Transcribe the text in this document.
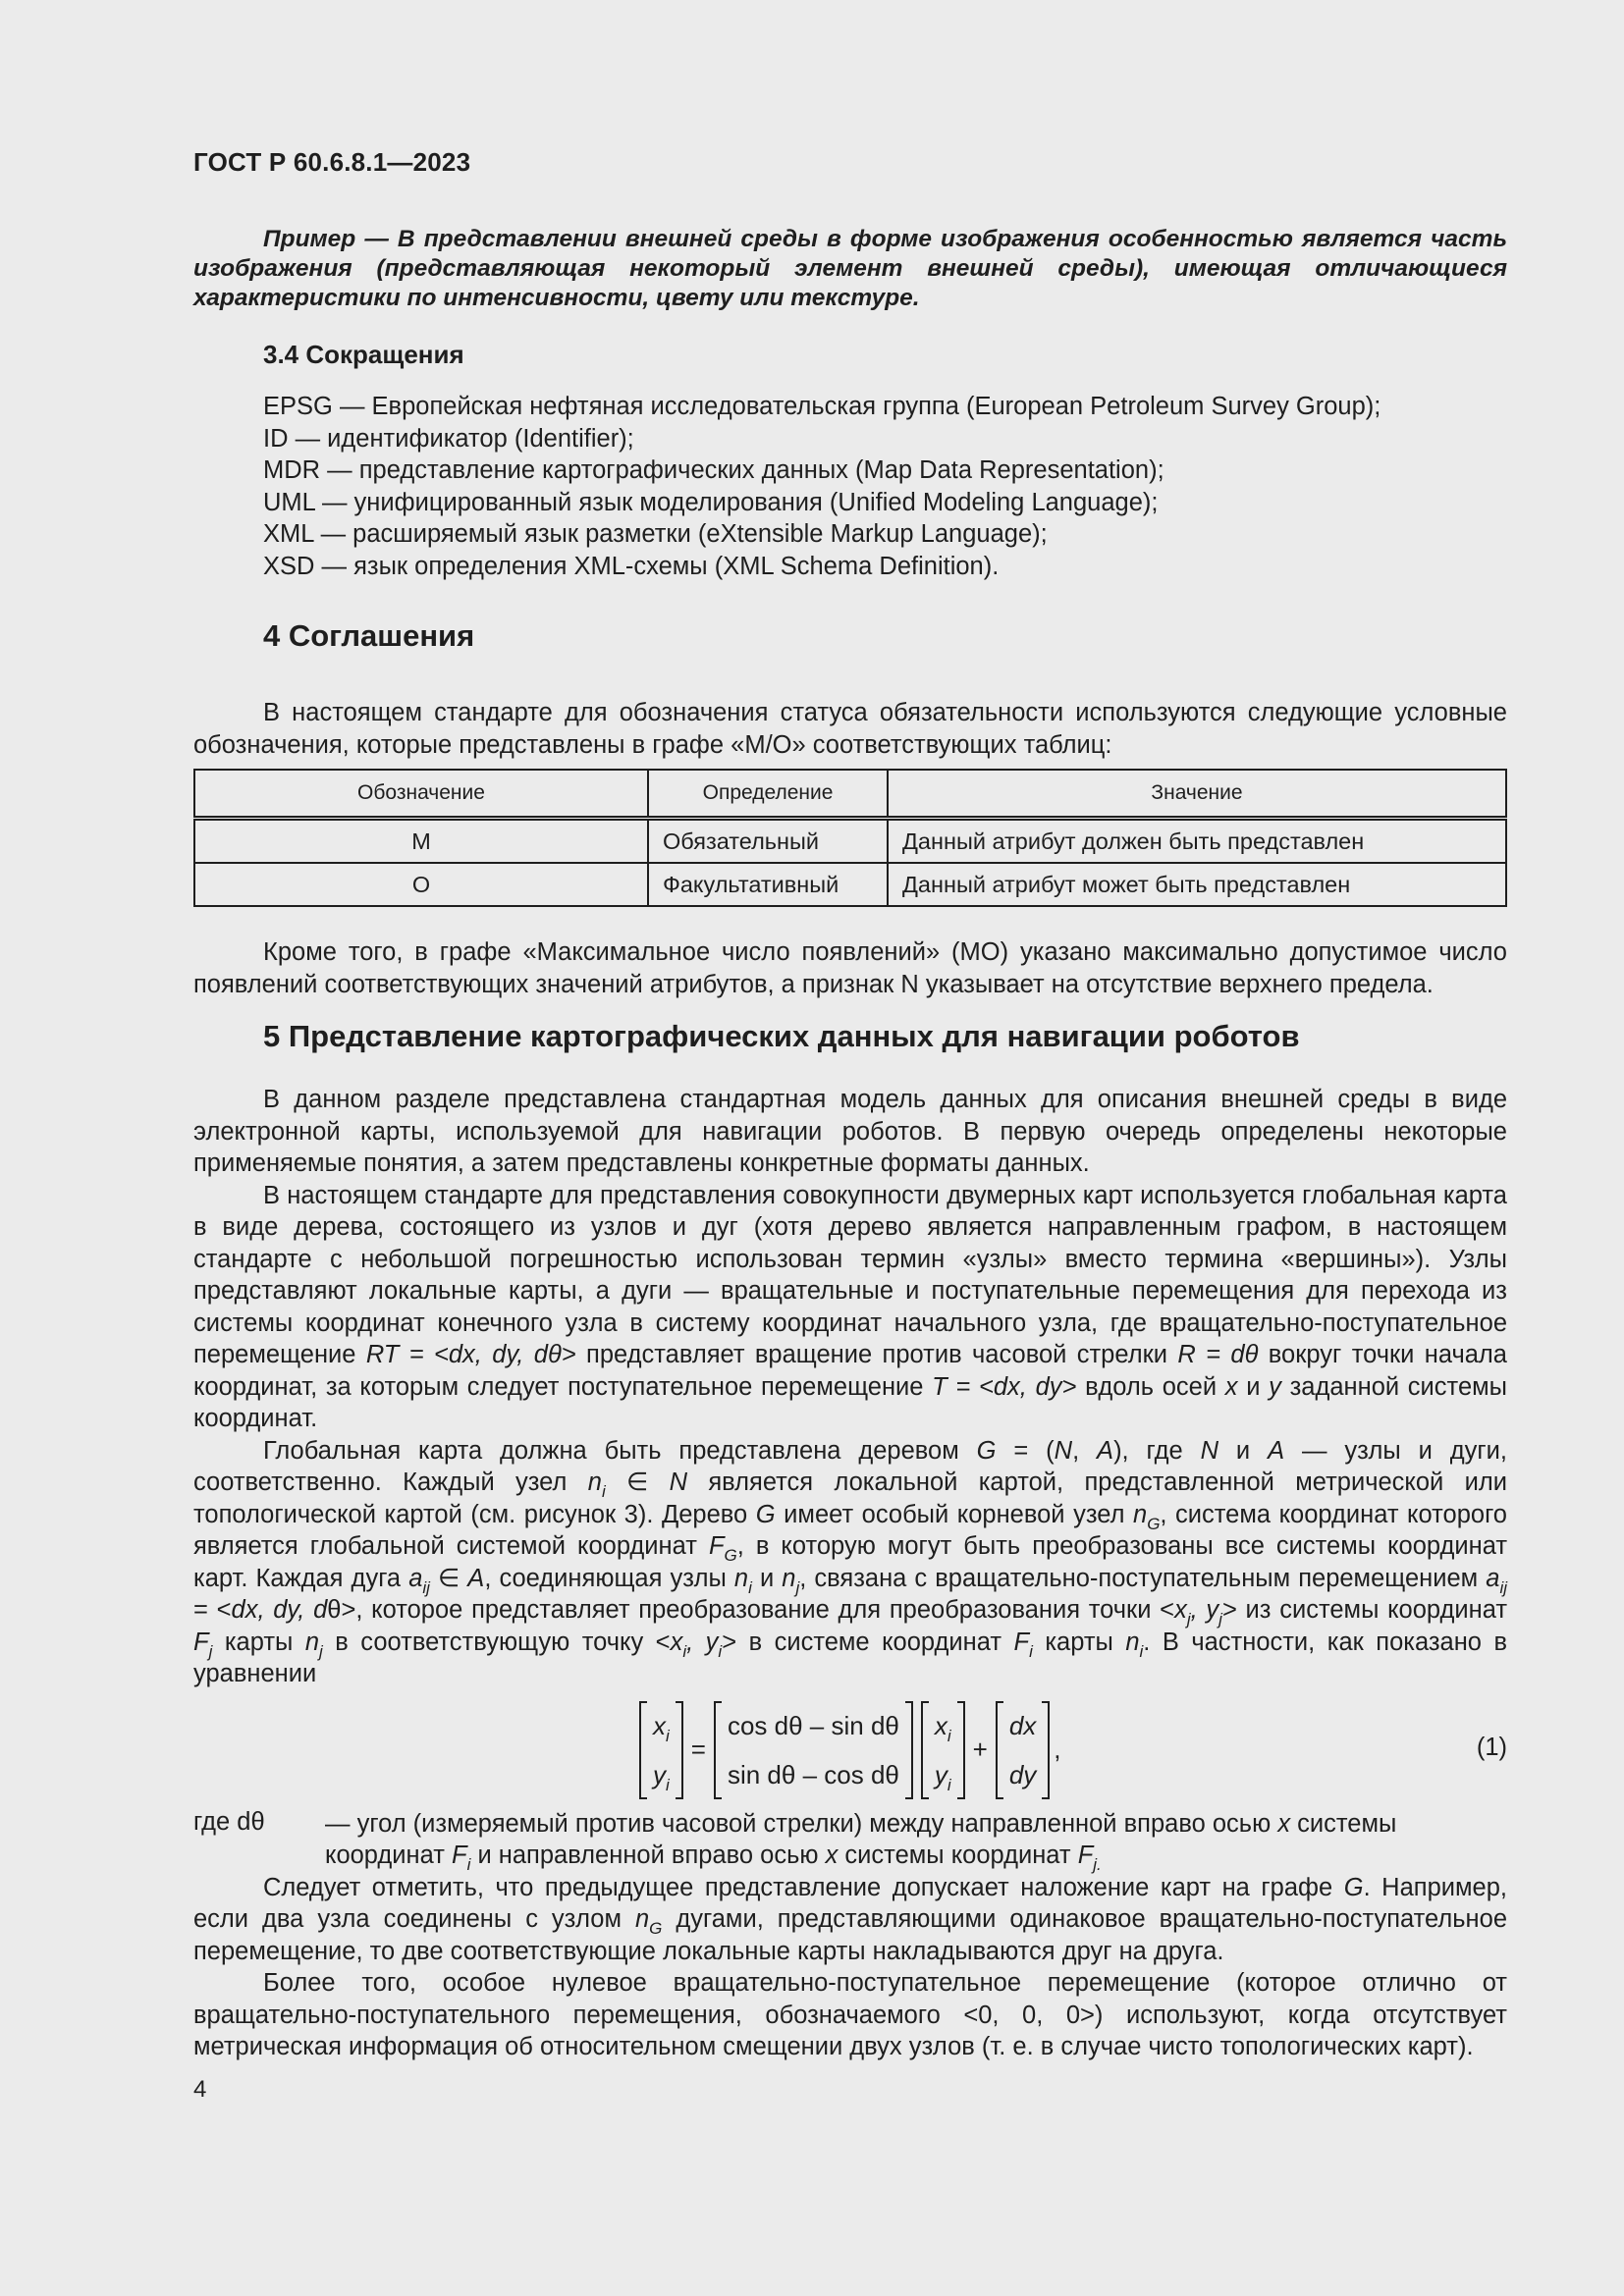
ГОСТ Р 60.6.8.1—2023

Пример — В представлении внешней среды в форме изображения особенностью является часть изображения (представляющая некоторый элемент внешней среды), имеющая отличающиеся характеристики по интенсивности, цвету или текстуре.

3.4 Сокращения
EPSG — Европейская нефтяная исследовательская группа (European Petroleum Survey Group);
ID — идентификатор (Identifier);
MDR — представление картографических данных (Map Data Representation);
UML — унифицированный язык моделирования (Unified Modeling Language);
XML — расширяемый язык разметки (eXtensible Markup Language);
XSD — язык определения XML-схемы (XML Schema Definition).
4 Соглашения

В настоящем стандарте для обозначения статуса обязательности используются следующие условные обозначения, которые представлены в графе «M/O» соответствующих таблиц:

Обозначение	Определение	Значение
M	Обязательный	Данный атрибут должен быть представлен
O	Факультативный	Данный атрибут может быть представлен

Кроме того, в графе «Максимальное число появлений» (MO) указано максимально допустимое число появлений соответствующих значений атрибутов, а признак N указывает на отсутствие верхнего предела.

5 Представление картографических данных для навигации роботов

В данном разделе представлена стандартная модель данных для описания внешней среды в виде электронной карты, используемой для навигации роботов. В первую очередь определены некоторые применяемые понятия, а затем представлены конкретные форматы данных.

В настоящем стандарте для представления совокупности двумерных карт используется глобальная карта в виде дерева, состоящего из узлов и дуг (хотя дерево является направленным графом, в настоящем стандарте с небольшой погрешностью использован термин «узлы» вместо термина «вершины»). Узлы представляют локальные карты, а дуги — вращательные и поступательные перемещения для перехода из системы координат конечного узла в систему координат начального узла, где вращательно-поступательное перемещение RT = <dx, dy, dθ> представляет вращение против часовой стрелки R = dθ вокруг точки начала координат, за которым следует поступательное перемещение T = <dx, dy> вдоль осей x и y заданной системы координат.

Глобальная карта должна быть представлена деревом G = (N, A), где N и A — узлы и дуги, соответственно. Каждый узел $n_i$ ∈ N является локальной картой, представленной метрической или топологической картой (см. рисунок 3). Дерево G имеет особый корневой узел $n_G$, система координат которого является глобальной системой координат $F_G$, в которую могут быть преобразованы все системы координат карт. Каждая дуга $a_{ij}$ ∈ A, соединяющая узлы $n_i$ и $n_j$, связана с вращательно-поступательным перемещением $a_{ij} = <dx$, dy, dθ>, которое представляет преобразование для преобразования точки $<x_j$, $y_j>$ из системы координат $F_j$ карты $n_j$ в соответствующую точку $<x_i$, $y_i> в$ системе координат $F_i$ карты $n_i$. В частности, как показано в уравнении

$x_i$
$y_i$
=
cos dθ – sin dθ
sin dθ – cos dθ
$x_i$
$y_i$
+
dx
dy
,	(1)
где dθ	— угол (измеряемый против часовой стрелки) между направленной вправо осью x системы координат $F_i$ и направленной вправо осью x системы координат $F_{j.}$

Следует отметить, что предыдущее представление допускает наложение карт на графе G. Например, если два узла соединены с узлом $n_G$ дугами, представляющими одинаковое вращательно-поступательное перемещение, то две соответствующие локальные карты накладываются друг на друга.

Более того, особое нулевое вращательно-поступательное перемещение (которое отлично от вращательно-поступательного перемещения, обозначаемого <0, 0, 0>) используют, когда отсутствует метрическая информация об относительном смещении двух узлов (т. е. в случае чисто топологических карт).

4
